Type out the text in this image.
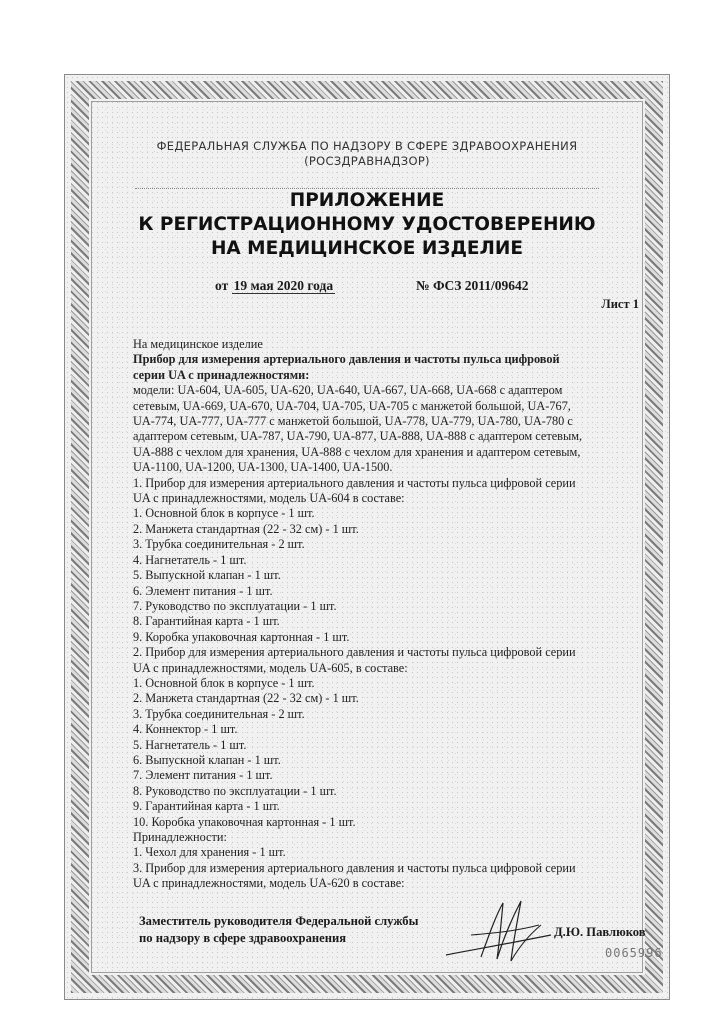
ФЕДЕРАЛЬНАЯ СЛУЖБА ПО НАДЗОРУ В СФЕРЕ ЗДРАВООХРАНЕНИЯ
(РОСЗДРАВНАДЗОР)
ПРИЛОЖЕНИЕ
К РЕГИСТРАЦИОННОМУ УДОСТОВЕРЕНИЮ
НА МЕДИЦИНСКОЕ ИЗДЕЛИЕ
от 19 мая 2020 года	№ ФСЗ 2011/09642
Лист 1
На медицинское изделие
Прибор для измерения артериального давления и частоты пульса цифровой
серии UA с принадлежностями:
модели: UA-604, UA-605, UA-620, UA-640, UA-667, UA-668, UA-668 с адаптером
сетевым, UA-669, UA-670, UA-704, UA-705, UA-705 с манжетой большой, UA-767,
UA-774, UA-777, UA-777 с манжетой большой, UA-778, UA-779, UA-780, UA-780 с
адаптером сетевым, UA-787, UA-790, UA-877, UA-888, UA-888 с адаптером сетевым,
UA-888 с чехлом для хранения, UA-888 с чехлом для хранения и адаптером сетевым,
UA-1100, UA-1200, UA-1300, UA-1400, UA-1500.
1. Прибор для измерения артериального давления и частоты пульса цифровой серии
UA с принадлежностями, модель UA-604 в составе:
1. Основной блок в корпусе - 1 шт.
2. Манжета стандартная (22 - 32 см) - 1 шт.
3. Трубка соединительная - 2 шт.
4. Нагнетатель - 1 шт.
5. Выпускной клапан - 1 шт.
6. Элемент питания - 1 шт.
7. Руководство по эксплуатации - 1 шт.
8. Гарантийная карта - 1 шт.
9. Коробка упаковочная картонная - 1 шт.
2. Прибор для измерения артериального давления и частоты пульса цифровой серии
UA с принадлежностями, модель UA-605, в составе:
1. Основной блок в корпусе - 1 шт.
2. Манжета стандартная (22 - 32 см) - 1 шт.
3. Трубка соединительная - 2 шт.
4. Коннектор - 1 шт.
5. Нагнетатель - 1 шт.
6. Выпускной клапан - 1 шт.
7. Элемент питания - 1 шт.
8. Руководство по эксплуатации - 1 шт.
9. Гарантийная карта - 1 шт.
10. Коробка упаковочная картонная - 1 шт.
Принадлежности:
1. Чехол для хранения - 1 шт.
3. Прибор для измерения артериального давления и частоты пульса цифровой серии
UA с принадлежностями, модель UA-620 в составе:
Заместитель руководителя Федеральной службы
по надзору в сфере здравоохранения	Д.Ю. Павлюков
0065996
